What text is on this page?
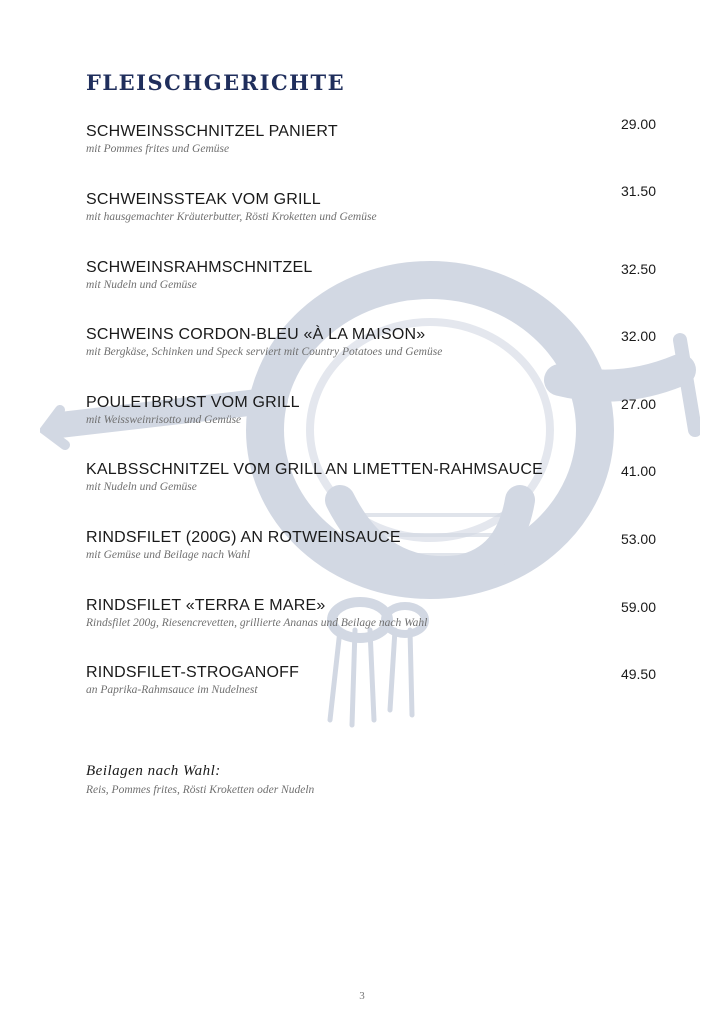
FLEISCHGERICHTE
SCHWEINSSCHNITZEL PANIERT
mit Pommes frites und Gemüse
29.00
SCHWEINSSTEAK VOM GRILL
mit hausgemachter Kräuterbutter, Rösti Kroketten und Gemüse
31.50
SCHWEINSRAHMSCHNITZEL
mit Nudeln und Gemüse
32.50
SCHWEINS CORDON-BLEU «À LA MAISON»
mit Bergkäse, Schinken und Speck serviert mit Country Potatoes und Gemüse
32.00
POULETBRUST VOM GRILL
mit Weissweinrisotto und Gemüse
27.00
KALBSSCHNITZEL VOM GRILL AN LIMETTEN-RAHMSAUCE
mit Nudeln und Gemüse
41.00
RINDSFILET (200G) AN ROTWEINSAUCE
mit Gemüse und Beilage nach Wahl
53.00
RINDSFILET «TERRA E MARE»
Rindsfilet 200g, Riesencrevetten, grillierte Ananas und Beilage nach Wahl
59.00
RINDSFILET-STROGANOFF
an Paprika-Rahmsauce im Nudelnest
49.50
Beilagen nach Wahl:
Reis, Pommes frites, Rösti Kroketten oder Nudeln
3
